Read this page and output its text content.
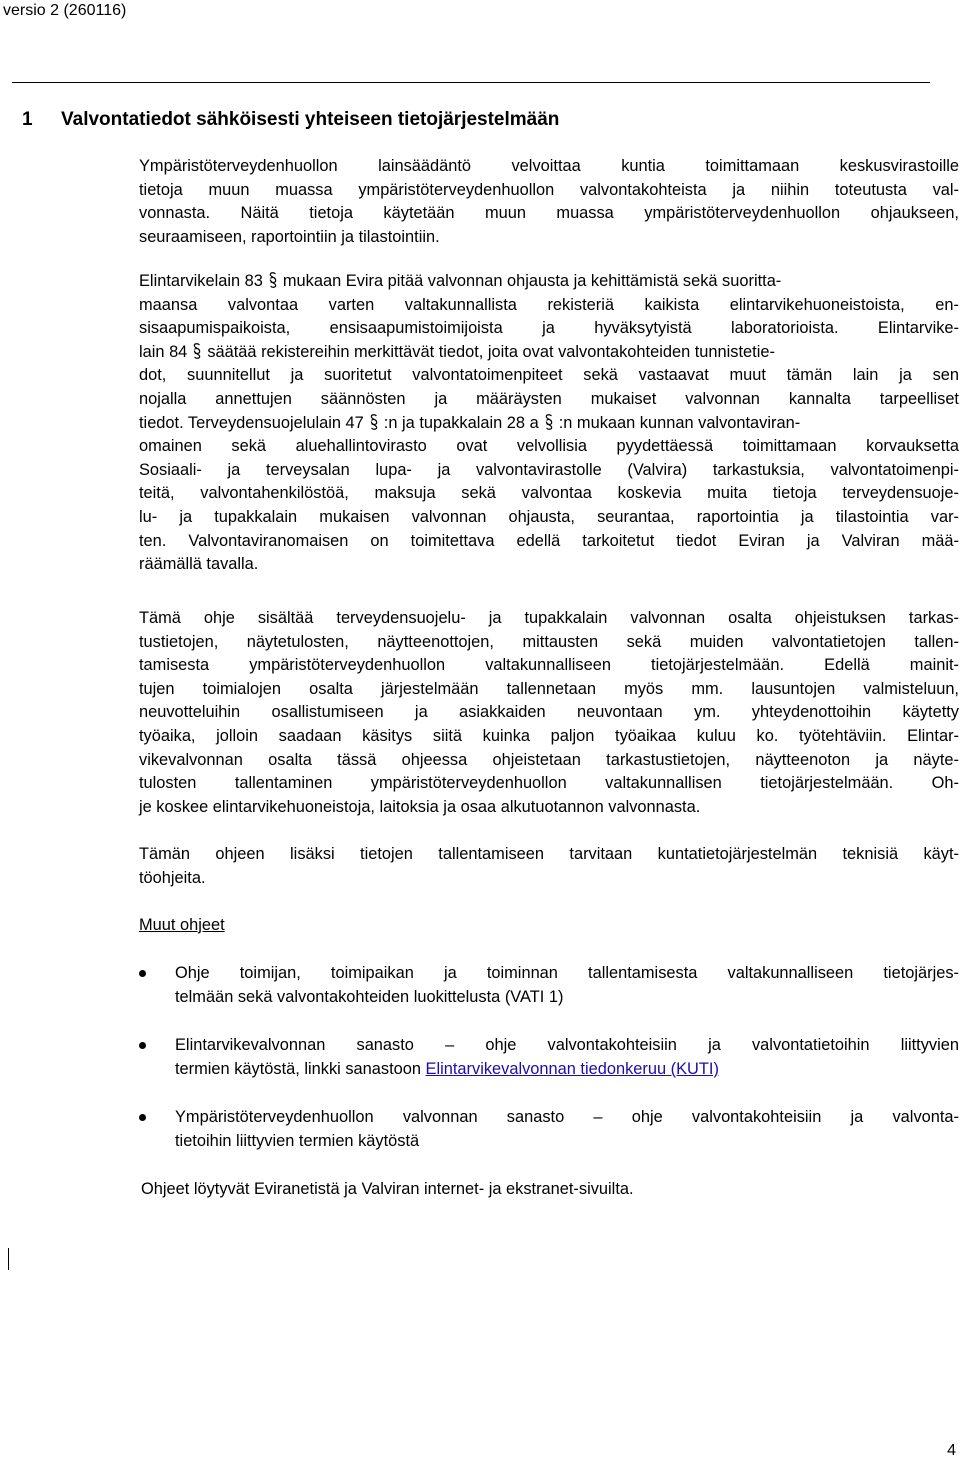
versio 2 (260116)
1 Valvontatiedot sähköisesti yhteiseen tietojärjestelmään
Ympäristöterveydenhuollon lainsäädäntö velvoittaa kuntia toimittamaan keskusvirastoille
tietoja muun muassa ympäristöterveydenhuollon valvontakohteista ja niihin toteutusta val-
vonnasta. Näitä tietoja käytetään muun muassa ympäristöterveydenhuollon ohjaukseen,
seuraamiseen, raportointiin ja tilastointiin.
Elintarvikelain 83 mukaan Evira pitää valvonnan ohjausta ja kehittämistä sekä suoritta-
maansa valvontaa varten valtakunnallista rekisteriä kaikista elintarvikehuoneistoista, en-
sisaapumispaikoista, ensisaapumistoimijoista ja hyväksytyistä laboratorioista. Elintarvike-
lain 84 säätää rekistereihin merkittävät tiedot, joita ovat valvontakohteiden tunnistetie-
dot, suunnitellut ja suoritetut valvontatoimenpiteet sekä vastaavat muut tämän lain ja sen
nojalla annettujen säännösten ja määräysten mukaiset valvonnan kannalta tarpeelliset
tiedot. Terveydensuojelulain 47 :n ja tupakkalain 28 a :n mukaan kunnan valvontaviran-
omainen sekä aluehallintovirasto ovat velvollisia pyydettäessä toimittamaan korvauksetta
Sosiaali- ja terveysalan lupa- ja valvontavirastolle (Valvira) tarkastuksia, valvontatoimenpi-
teitä, valvontahenkilöstöä, maksuja sekä valvontaa koskevia muita tietoja terveydensuoje-
lu- ja tupakkalain mukaisen valvonnan ohjausta, seurantaa, raportointia ja tilastointia var-
ten. Valvontaviranomaisen on toimitettava edellä tarkoitetut tiedot Eviran ja Valviran mää-
räämällä tavalla.
Tämä ohje sisältää terveydensuojelu- ja tupakkalain valvonnan osalta ohjeistuksen tarkas-
tustietojen, näytetulosten, näytteenottojen, mittausten sekä muiden valvontatietojen tallen-
tamisesta ympäristöterveydenhuollon valtakunnalliseen tietojärjestelmään. Edellä mainit-
tujen toimialojen osalta järjestelmään tallennetaan myös mm. lausuntojen valmisteluun,
neuvotteluihin osallistumiseen ja asiakkaiden neuvontaan ym. yhteydenottoihin käytetty
työaika, jolloin saadaan käsitys siitä kuinka paljon työaikaa kuluu ko. työtehtäviin. Elintar-
vikevalvonnan osalta tässä ohjeessa ohjeistetaan tarkastustietojen, näytteenoton ja näyte-
tulosten tallentaminen ympäristöterveydenhuollon valtakunnallisen tietojärjestelmään. Oh-
je koskee elintarvikehuoneistoja, laitoksia ja osaa alkutuotannon valvonnasta.
Tämän ohjeen lisäksi tietojen tallentamiseen tarvitaan kuntatietojärjestelmän teknisiä käyt-
töohjeita.
Muut ohjeet
Ohje toimijan, toimipaikan ja toiminnan tallentamisesta valtakunnalliseen tietojärjes-
telmään sekä valvontakohteiden luokittelusta (VATI 1)
Elintarvikevalvonnan sanasto – ohje valvontakohteisiin ja valvontatietoihin liittyvien
termien käytöstä, linkki sanastoon Elintarvikevalvonnan tiedonkeruu (KUTI)
Ympäristöterveydenhuollon valvonnan sanasto – ohje valvontakohteisiin ja valvonta-
tietoihin liittyvien termien käytöstä
Ohjeet löytyvät Eviranetistä ja Valviran internet- ja ekstranet-sivuilta.
4
